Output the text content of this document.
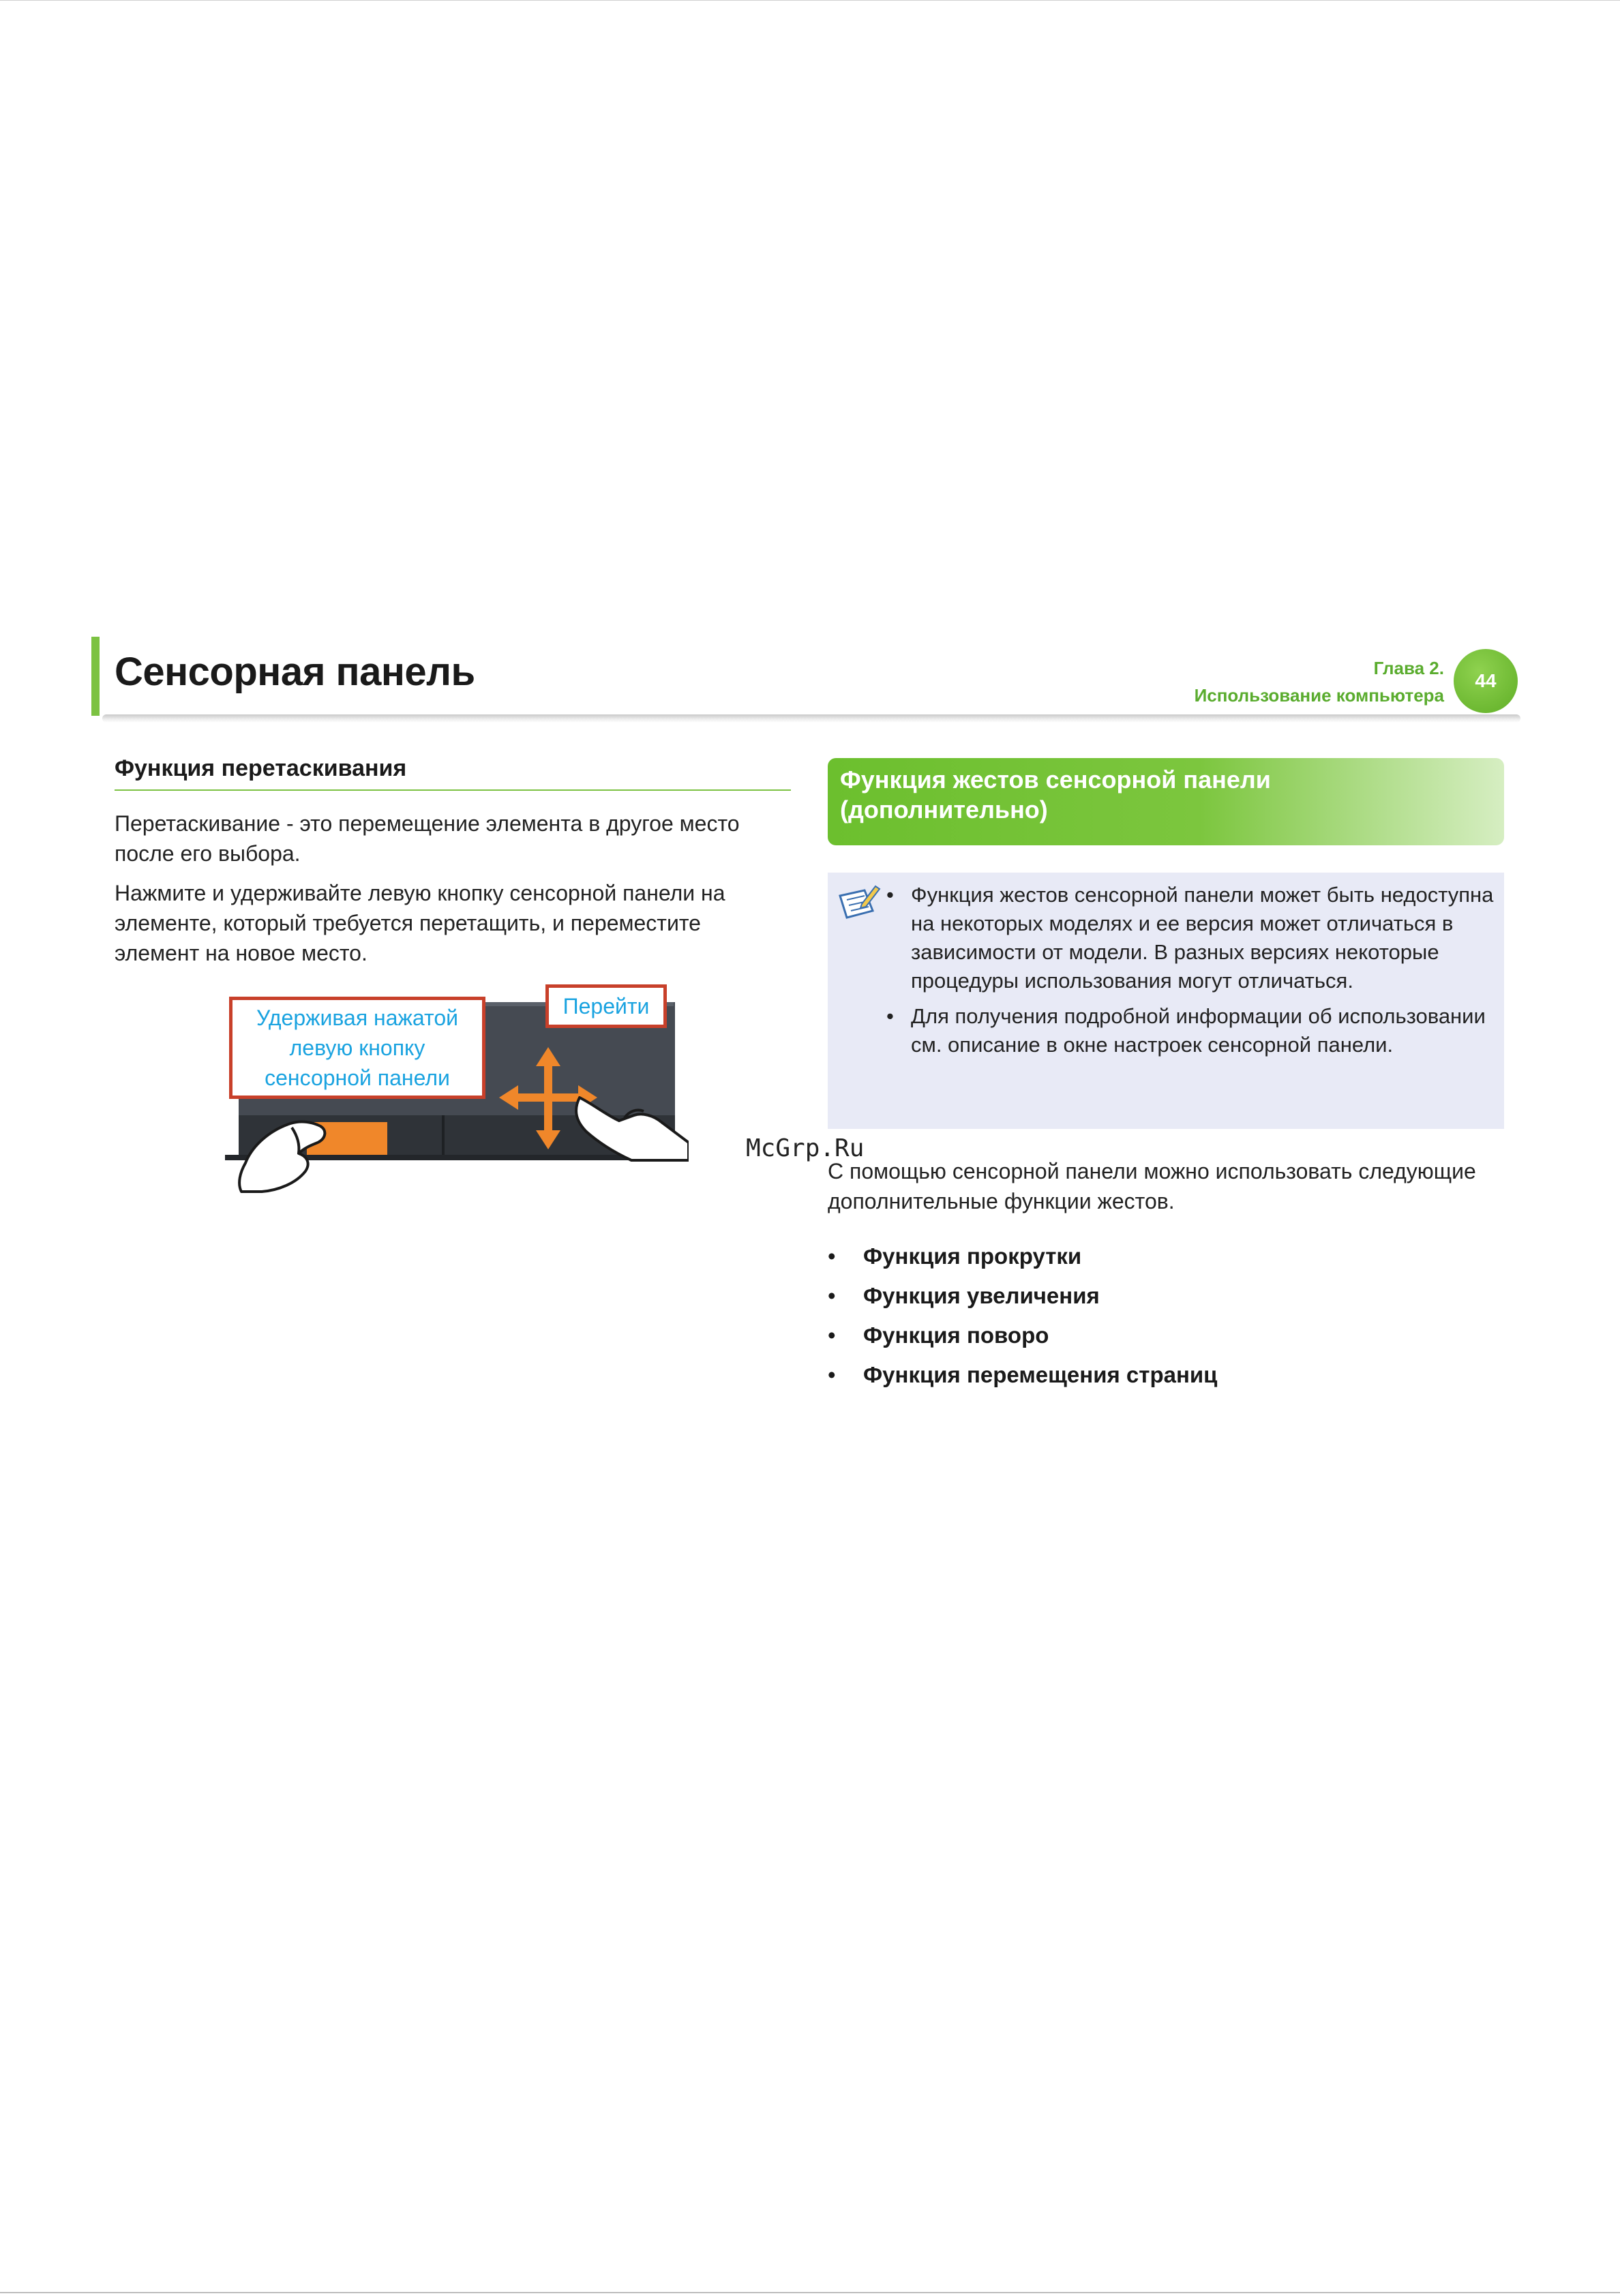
Сенсорная панель	Глава 2.
Использование компьютера
44
Функция перетаскивания
Перетаскивание - это перемещение элемента в другое место после его выбора.
Нажмите и удерживайте левую кнопку сенсорной панели на элементе, который требуется перетащить, и переместите элемент на новое место.
Удерживая нажатой
левую кнопку
сенсорной панели
Перейти
Функция жестов сенсорной панели
(дополнительно)
• Функция жестов сенсорной панели может быть недоступна на некоторых моделях и ее версия может отличаться в зависимости от модели. В разных версиях некоторые процедуры использования могут отличаться.
• Для получения подробной информации об использовании см. описание в окне настроек сенсорной панели.
McGrp.Ru
С помощью сенсорной панели можно использовать следующие дополнительные функции жестов.
• Функция прокрутки
• Функция увеличения
• Функция поворо
• Функция перемещения страниц
